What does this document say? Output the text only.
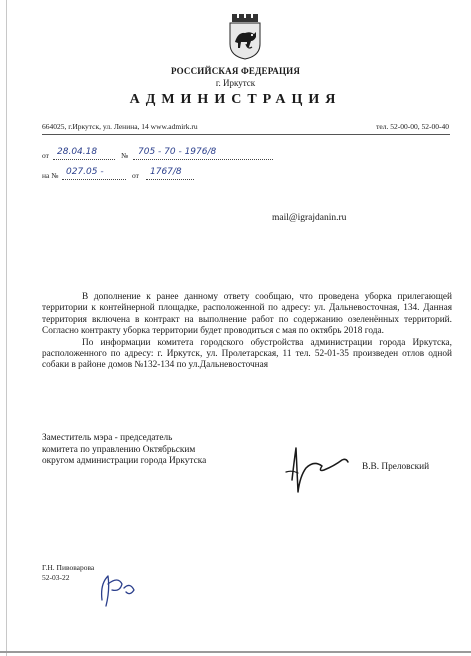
РОССИЙСКАЯ ФЕДЕРАЦИЯ
г. Иркутск
АДМИНИСТРАЦИЯ
664025, г.Иркутск, ул. Ленина, 14 www.admirk.ru	тел. 52-00-00, 52-00-40
от 28.04.18	№ 705 - 70 - 1976/8
на № 027.05 -	от 1767/8
mail@igrajdanin.ru

В дополнение к ранее данному ответу сообщаю, что проведена уборка прилегающей территории к контейнерной площадке, расположенной по адресу: ул. Дальневосточная, 134. Данная территория включена в контракт на выполнение работ по содержанию озеленённых территорий. Согласно контракту уборка территории будет проводиться с мая по октябрь 2018 года.

По информации комитета городского обустройства администрации города Иркутска, расположенного по адресу: г. Иркутск, ул. Пролетарская, 11 тел. 52-01-35 произведен отлов одной собаки в районе домов №132-134 по ул.Дальневосточная

Заместитель мэра - председатель
комитета по управлению Октябрьским
округом администрации города Иркутска
В.В. Преловский
Г.Н. Пивоварова
52-03-22
